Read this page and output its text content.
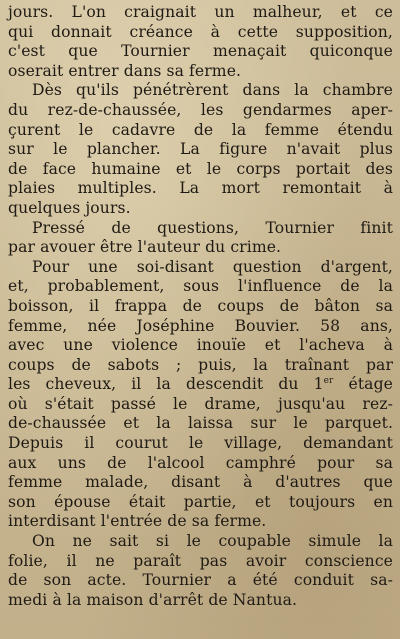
jours. L'on craignait un malheur, et ce
qui donnait créance à cette supposition,
c'est que Tournier menaçait quiconque
oserait entrer dans sa ferme.
Dès qu'ils pénétrèrent dans la chambre
du rez-de-chaussée, les gendarmes aper-
çurent le cadavre de la femme étendu
sur le plancher. La figure n'avait plus
de face humaine et le corps portait des
plaies multiples. La mort remontait à
quelques jours.
Pressé de questions, Tournier finit
par avouer être l'auteur du crime.
Pour une soi-disant question d'argent,
et, probablement, sous l'influence de la
boisson, il frappa de coups de bâton sa
femme, née Joséphine Bouvier. 58 ans,
avec une violence inouïe et l'acheva à
coups de sabots ; puis, la traînant par
les cheveux, il la descendit du 1er étage
où s'était passé le drame, jusqu'au rez-
de-chaussée et la laissa sur le parquet.
Depuis il courut le village, demandant
aux uns de l'alcool camphré pour sa
femme malade, disant à d'autres que
son épouse était partie, et toujours en
interdisant l'entrée de sa ferme.
On ne sait si le coupable simule la
folie, il ne paraît pas avoir conscience
de son acte. Tournier a été conduit sa-
medi à la maison d'arrêt de Nantua.
